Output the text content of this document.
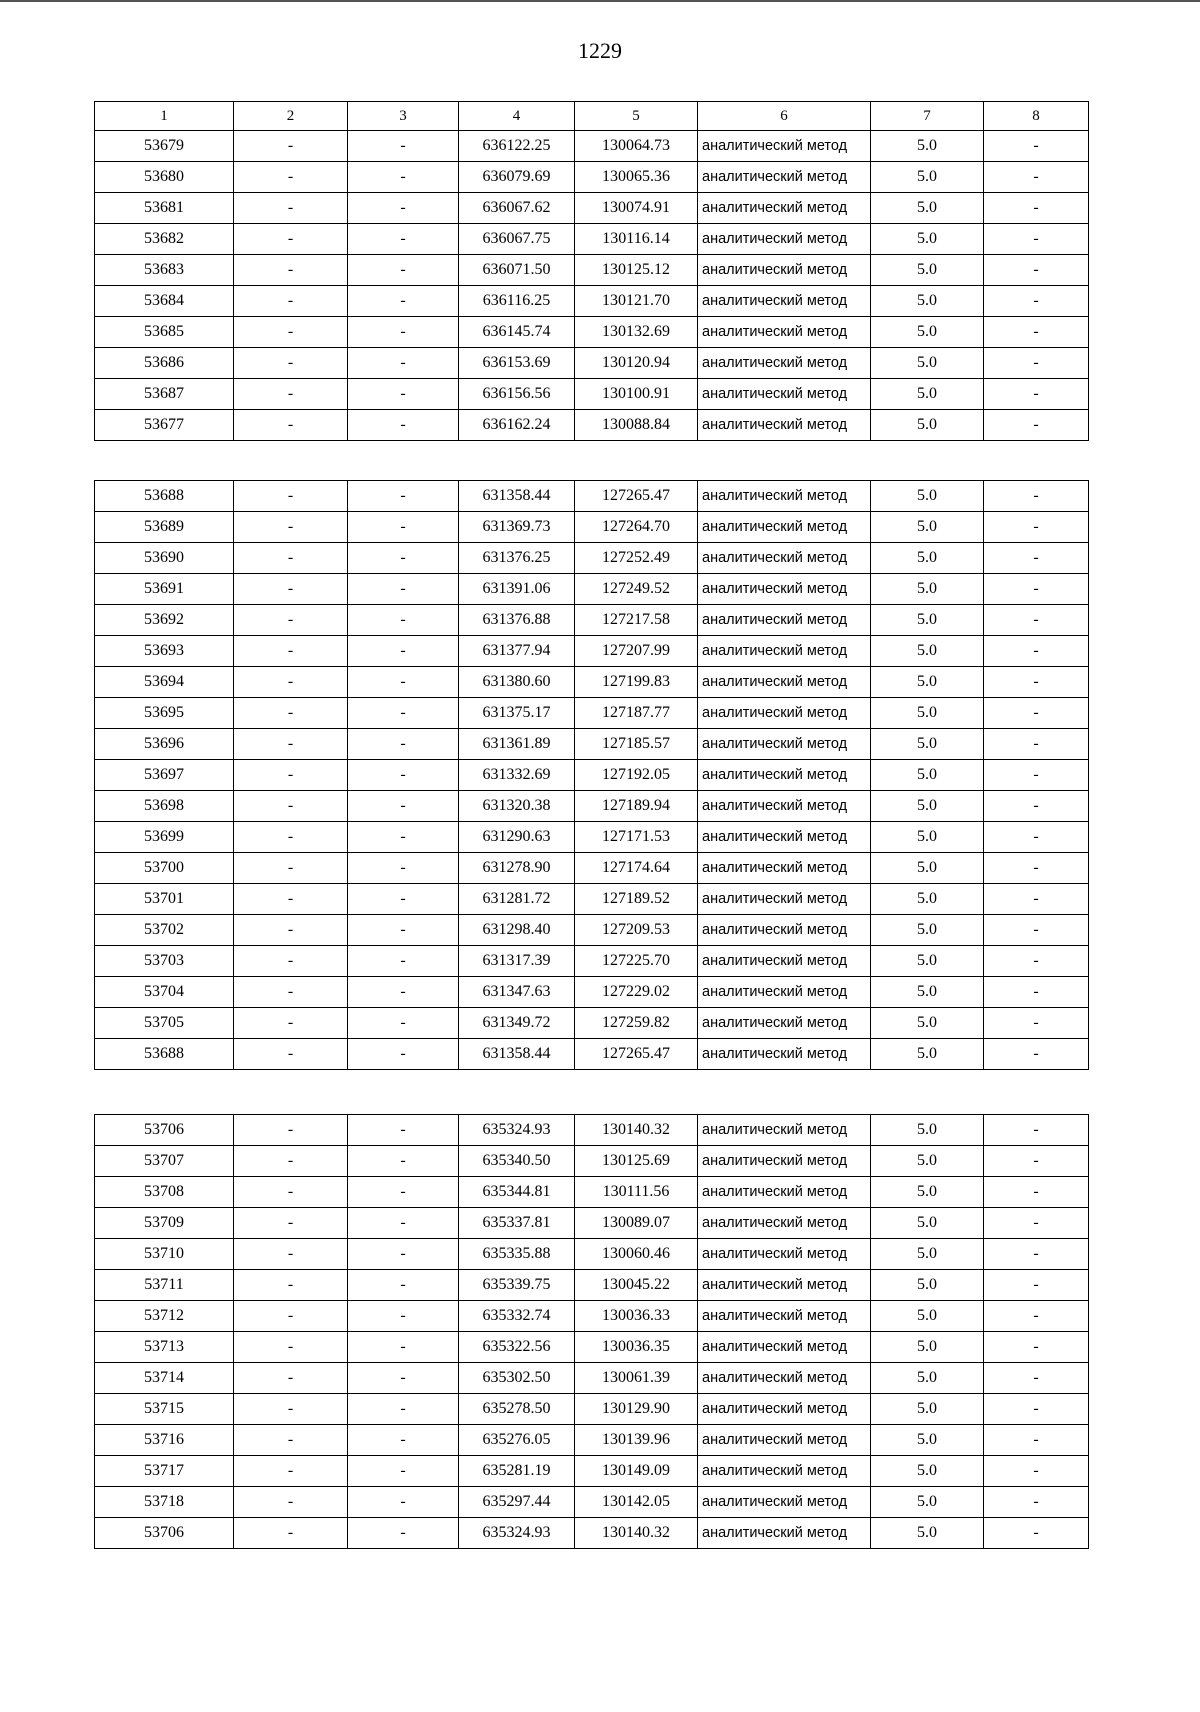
1229
1	2	3	4	5	6	7	8
53679	-	-	636122.25	130064.73	аналитический метод	5.0	-
53680	-	-	636079.69	130065.36	аналитический метод	5.0	-
53681	-	-	636067.62	130074.91	аналитический метод	5.0	-
53682	-	-	636067.75	130116.14	аналитический метод	5.0	-
53683	-	-	636071.50	130125.12	аналитический метод	5.0	-
53684	-	-	636116.25	130121.70	аналитический метод	5.0	-
53685	-	-	636145.74	130132.69	аналитический метод	5.0	-
53686	-	-	636153.69	130120.94	аналитический метод	5.0	-
53687	-	-	636156.56	130100.91	аналитический метод	5.0	-
53677	-	-	636162.24	130088.84	аналитический метод	5.0	-
53688	-	-	631358.44	127265.47	аналитический метод	5.0	-
53689	-	-	631369.73	127264.70	аналитический метод	5.0	-
53690	-	-	631376.25	127252.49	аналитический метод	5.0	-
53691	-	-	631391.06	127249.52	аналитический метод	5.0	-
53692	-	-	631376.88	127217.58	аналитический метод	5.0	-
53693	-	-	631377.94	127207.99	аналитический метод	5.0	-
53694	-	-	631380.60	127199.83	аналитический метод	5.0	-
53695	-	-	631375.17	127187.77	аналитический метод	5.0	-
53696	-	-	631361.89	127185.57	аналитический метод	5.0	-
53697	-	-	631332.69	127192.05	аналитический метод	5.0	-
53698	-	-	631320.38	127189.94	аналитический метод	5.0	-
53699	-	-	631290.63	127171.53	аналитический метод	5.0	-
53700	-	-	631278.90	127174.64	аналитический метод	5.0	-
53701	-	-	631281.72	127189.52	аналитический метод	5.0	-
53702	-	-	631298.40	127209.53	аналитический метод	5.0	-
53703	-	-	631317.39	127225.70	аналитический метод	5.0	-
53704	-	-	631347.63	127229.02	аналитический метод	5.0	-
53705	-	-	631349.72	127259.82	аналитический метод	5.0	-
53688	-	-	631358.44	127265.47	аналитический метод	5.0	-
53706	-	-	635324.93	130140.32	аналитический метод	5.0	-
53707	-	-	635340.50	130125.69	аналитический метод	5.0	-
53708	-	-	635344.81	130111.56	аналитический метод	5.0	-
53709	-	-	635337.81	130089.07	аналитический метод	5.0	-
53710	-	-	635335.88	130060.46	аналитический метод	5.0	-
53711	-	-	635339.75	130045.22	аналитический метод	5.0	-
53712	-	-	635332.74	130036.33	аналитический метод	5.0	-
53713	-	-	635322.56	130036.35	аналитический метод	5.0	-
53714	-	-	635302.50	130061.39	аналитический метод	5.0	-
53715	-	-	635278.50	130129.90	аналитический метод	5.0	-
53716	-	-	635276.05	130139.96	аналитический метод	5.0	-
53717	-	-	635281.19	130149.09	аналитический метод	5.0	-
53718	-	-	635297.44	130142.05	аналитический метод	5.0	-
53706	-	-	635324.93	130140.32	аналитический метод	5.0	-
